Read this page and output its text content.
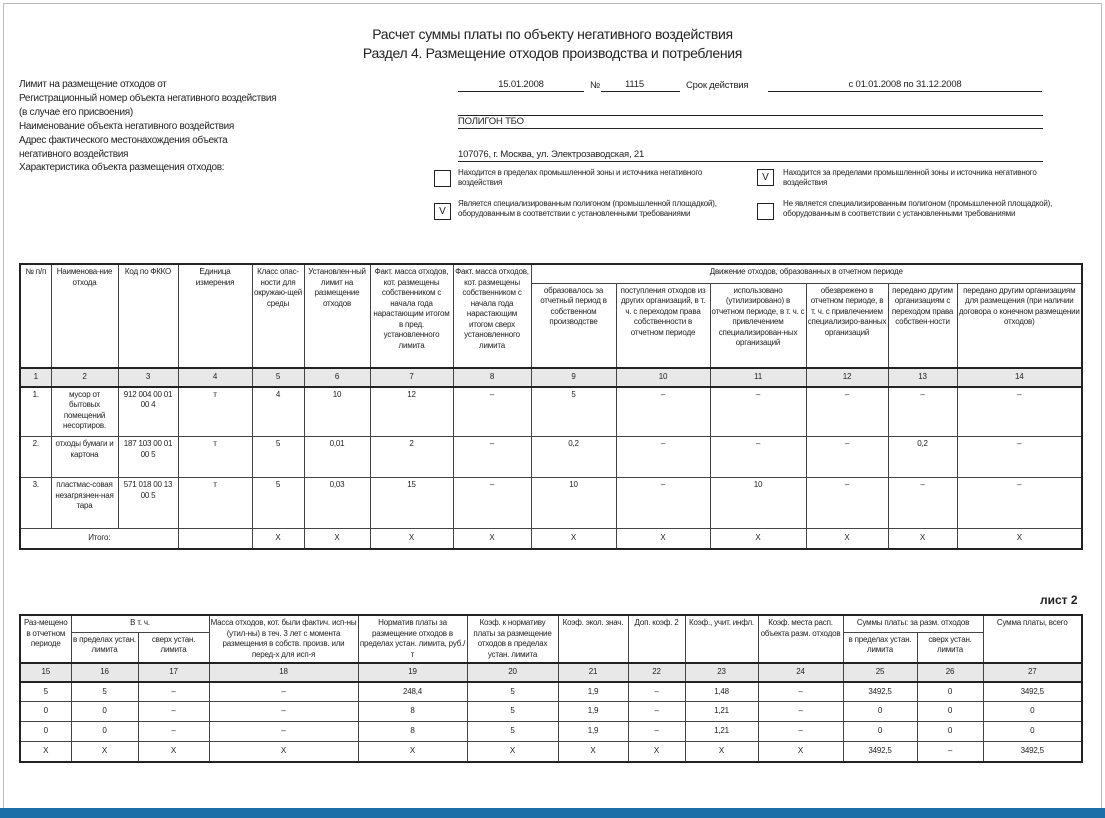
Расчет суммы платы по объекту негативного воздействия
Раздел 4. Размещение отходов производства и потребления
Лимит на размещение отходов от
Регистрационный номер объекта негативного воздействия
(в случае его присвоения)
Наименование объекта негативного воздействия
Адрес фактического местонахождения объекта
негативного воздействия
Характеристика объекта размещения отходов:
15.01.2008	№	1115	Срок действия	с 01.01.2008 по 31.12.2008
ПОЛИГОН ТБО
107076, г. Москва, ул. Электрозаводская, 21
Находится в пределах промышленной зоны и источника негативного воздействия	V	Находится за пределами промышленной зоны и источника негативного воздействия
V
Является специализированным полигоном (промышленной площадкой), оборудованным в соответствии с установленными требованиями
Не является специализированным полигоном (промышленной площадкой), оборудованным в соответствии с установленными требованиями
№ п/п	Наименова-ние отхода	Код по ФККО	Единица измерения	Класс опас-ности для окружаю-щей среды	Установлен-ный лимит на размещение отходов	Факт. масса отходов, кот. размещены собственником с начала года нарастающим итогом в пред. установленного лимита	Факт. масса отходов, кот. размещены собственником с начала года нарастающим итогом сверх установленного лимита	Движение отходов, образованных в отчетном периоде					
								образовалось за отчетный период в собственном производстве	поступления отходов из других организаций, в т. ч. с переходом права собственности в отчетном периоде	использовано (утилизировано) в отчетном периоде, в т. ч. с привлечением специализирован-ных организаций	обезврежено в отчетном периоде, в т. ч. с привлечением специализиро-ванных организаций	передано другим организациям с переходом права собствен-ности	передано другим организациям для размещения (при наличии договора о конечном размещении отходов)
1	2	3	4	5	6	7	8	9	10	11	12	13	14
1.	мусор от бытовых помещений несортиров.	912 004 00 01 00 4	т	4	10	12	–	5	–	–	–	–	–
2.	отходы бумаги и картона	187 103 00 01 00 5	т	5	0,01	2	–	0,2	–	–	–	0,2	–
3.	пластмас-совая незагрязнен-ная тара	571 018 00 13 00 5	т	5	0,03	15	–	10	–	10	–	–	–
Итого:				X	X	X	X	X	X	X	X	X	X
лист 2
Раз-мещено в отчетном периоде	В т. ч.		Масса отходов, кот. были фактич. исп-ны (утил-ны) в теч. 3 лет с момента размещения в собств. произв. или перед-х для исп-я	Норматив платы за размещение отходов в пределах устан. лимита, руб./т	Коэф. к нормативу платы за размещение отходов в пределах устан. лимита	Коэф. экол. знач.	Доп. коэф. 2	Коэф., учит. инфл.	Коэф. места расп. объекта разм. отходов	Суммы платы: за разм. отходов		Сумма платы, всего
	в пределах устан. лимита	сверх устан. лимита								в пределах устан. лимита	сверх устан. лимита	
15	16	17	18	19	20	21	22	23	24	25	26	27
5	5	–	–	248,4	5	1,9	–	1,48	–	3492,5	0	3492,5
0	0	–	–	8	5	1,9	–	1,21	–	0	0	0
0	0	–	–	8	5	1,9	–	1,21	–	0	0	0
X	X	X	X	X	X	X	X	X	X	3492,5	–	3492,5
